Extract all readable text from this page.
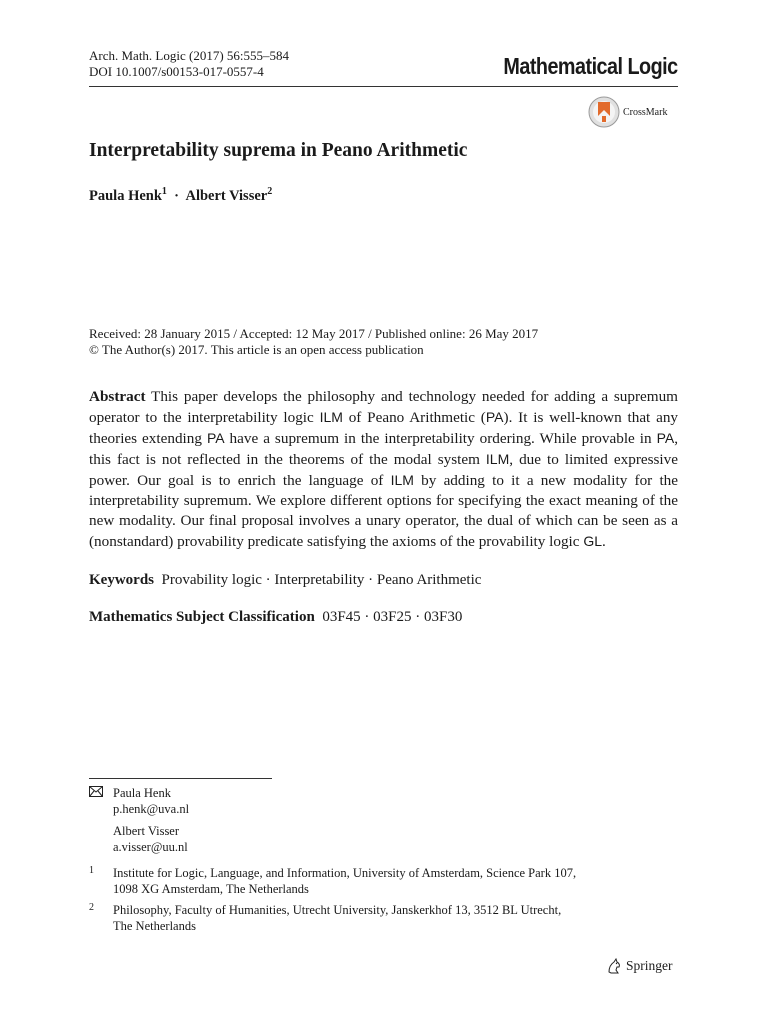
Arch. Math. Logic (2017) 56:555–584
DOI 10.1007/s00153-017-0557-4	Mathematical Logic
CrossMark
Interpretability suprema in Peano Arithmetic
Paula Henk$^1$ · Albert Visser$^2$
Received: 28 January 2015 / Accepted: 12 May 2017 / Published online: 26 May 2017
© The Author(s) 2017. This article is an open access publication
Abstract This paper develops the philosophy and technology needed for adding a supremum operator to the interpretability logic ILM of Peano Arithmetic (PA). It is well-known that any theories extending PA have a supremum in the interpretability ordering. While provable in PA, this fact is not reflected in the theorems of the modal system ILM, due to limited expressive power. Our goal is to enrich the language of ILM by adding to it a new modality for the interpretability supremum. We explore different options for specifying the exact meaning of the new modality. Our final proposal involves a unary operator, the dual of which can be seen as a (nonstandard) provability predicate satisfying the axioms of the provability logic GL.
Keywords Provability logic · Interpretability · Peano Arithmetic
Mathematics Subject Classification 03F45 · 03F25 · 03F30
Paula Henk
p.henk@uva.nl
Albert Visser
a.visser@uu.nl
1	Institute for Logic, Language, and Information, University of Amsterdam, Science Park 107,
1098 XG Amsterdam, The Netherlands
2	Philosophy, Faculty of Humanities, Utrecht University, Janskerkhof 13, 3512 BL Utrecht,
The Netherlands
Springer
